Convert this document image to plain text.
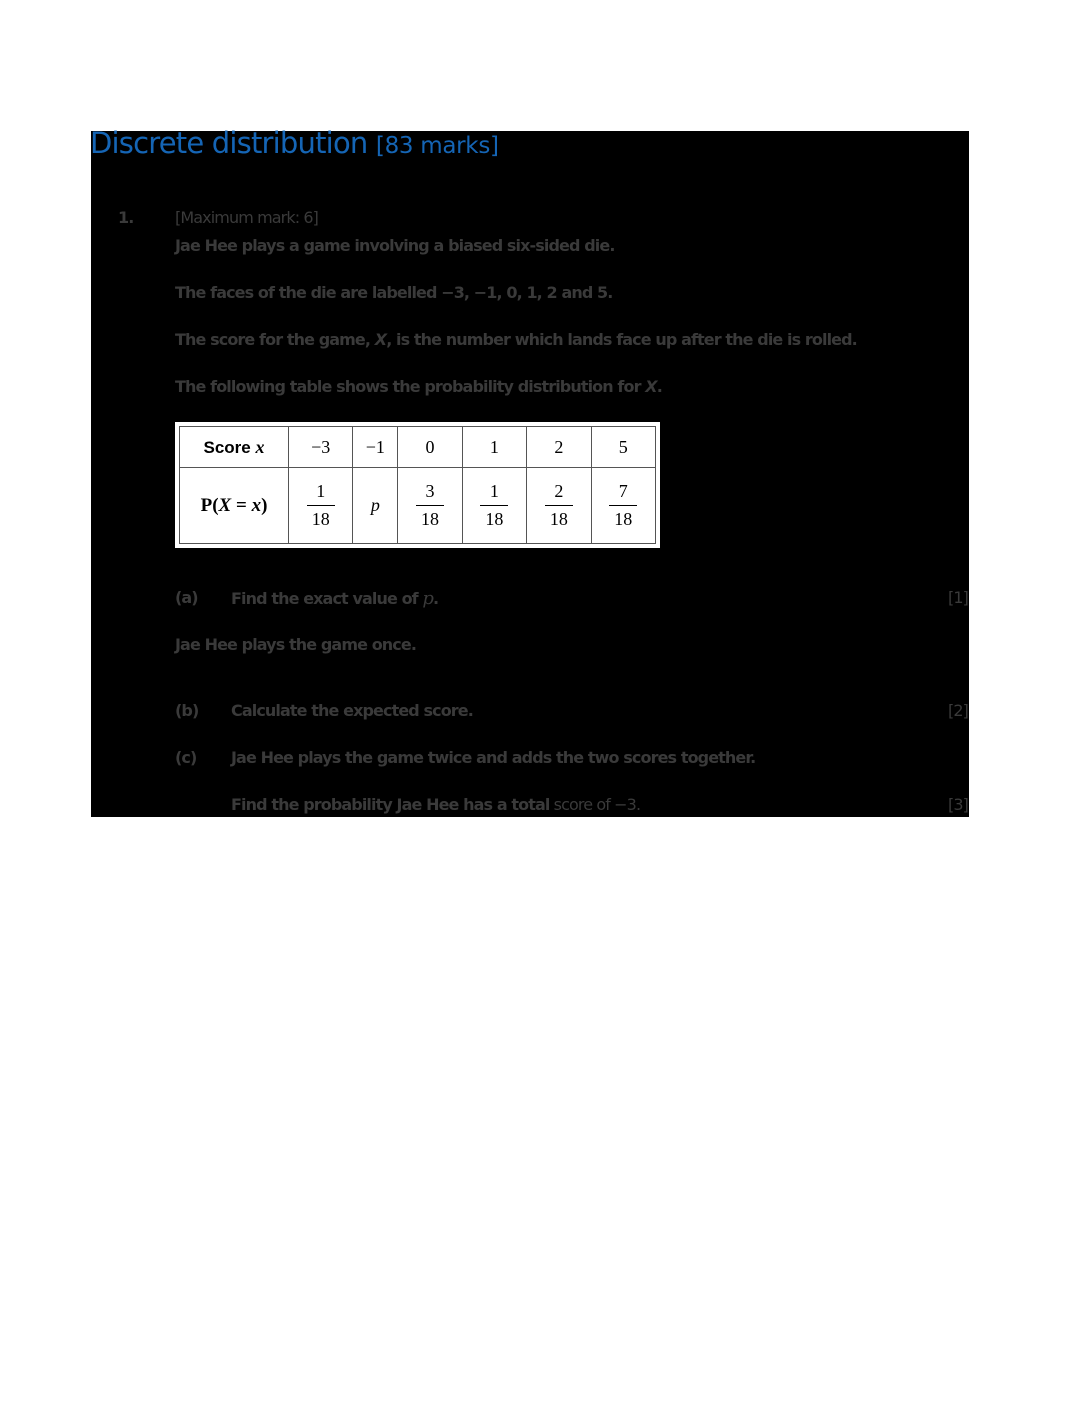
Discrete distribution [83 marks]

1.	[Maximum mark: 6]

Jae Hee plays a game involving a biased six-sided die.

The faces of the die are labelled −3, −1, 0, 1, 2 and 5.

The score for the game, X, is the number which lands face up after the die is rolled.

The following table shows the probability distribution for X.

Score x	−3	−1	0	1	2	5
P(X = x)	$\frac{1}{18}$	p	$\frac{3}{18}$	$\frac{1}{18}$	$\frac{2}{18}$	$\frac{7}{18}$

(a) Find the exact value of p.	[1]

Jae Hee plays the game once.

(b) Calculate the expected score.	[2]

(c) Jae Hee plays the game twice and adds the two scores together.

Find the probability Jae Hee has a total score of −3.	[3]
